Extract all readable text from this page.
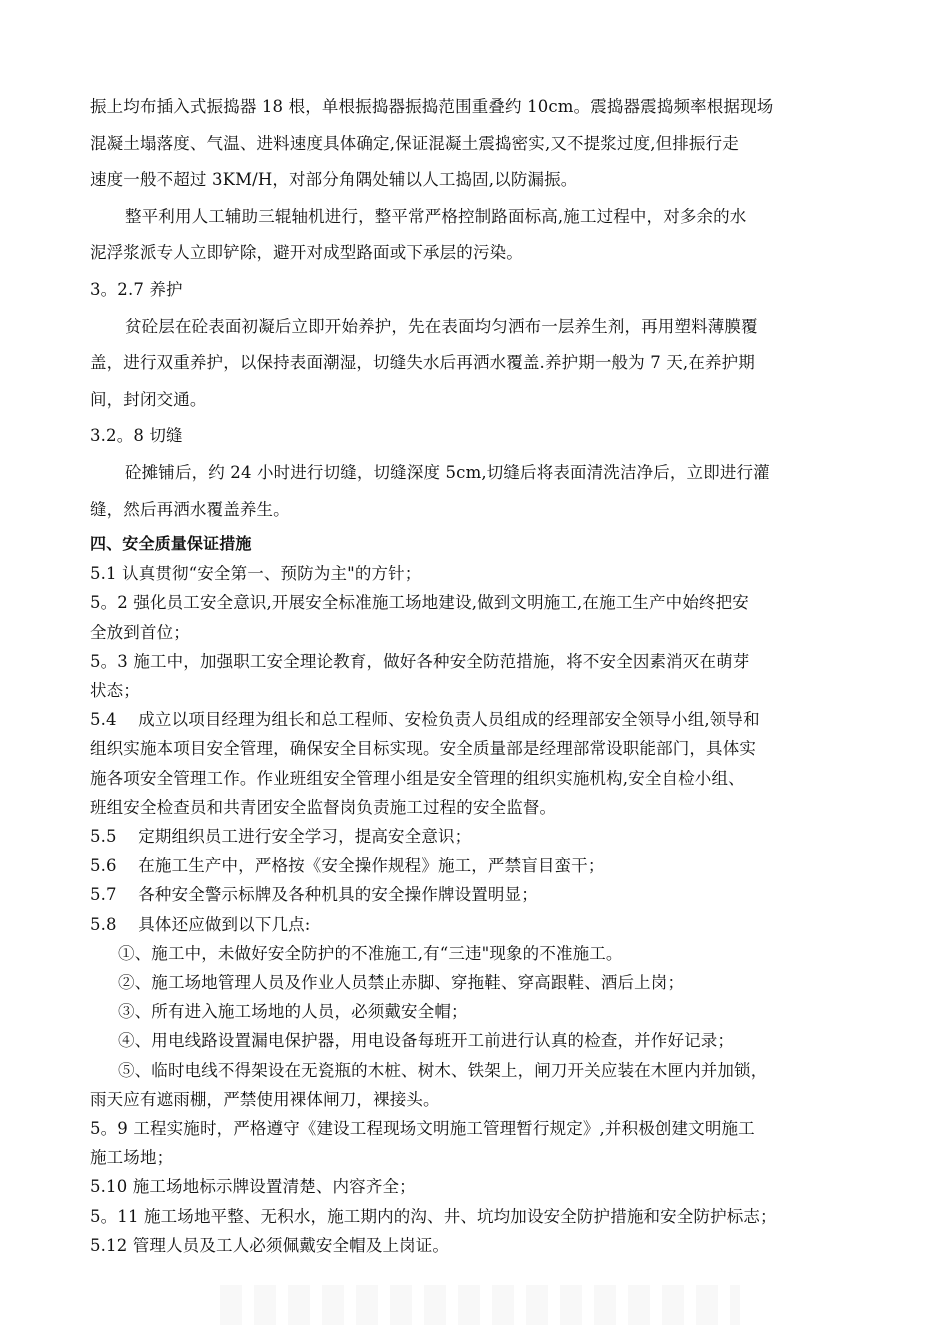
振上均布插入式振捣器 18 根，单根振捣器振捣范围重叠约 10cm。震捣器震捣频率根据现场
混凝土塌落度、气温、进料速度具体确定,保证混凝土震捣密实,又不提浆过度,但排振行走
速度一般不超过 3KM/H，对部分角隅处辅以人工捣固,以防漏振。

整平利用人工辅助三辊轴机进行，整平常严格控制路面标高,施工过程中，对多余的水
泥浮浆派专人立即铲除，避开对成型路面或下承层的污染。

3。2.7 养护

贫砼层在砼表面初凝后立即开始养护，先在表面均匀洒布一层养生剂，再用塑料薄膜覆
盖，进行双重养护，以保持表面潮湿，切缝失水后再洒水覆盖.养护期一般为 7 天,在养护期
间，封闭交通。

3.2。8 切缝

砼摊铺后，约 24 小时进行切缝，切缝深度 5cm,切缝后将表面清洗洁净后，立即进行灌
缝，然后再洒水覆盖养生。

四、安全质量保证措施

5.1 认真贯彻“安全第一、预防为主"的方针；

5。2 强化员工安全意识,开展安全标准施工场地建设,做到文明施工,在施工生产中始终把安
全放到首位；

5。3 施工中，加强职工安全理论教育，做好各种安全防范措施，将不安全因素消灭在萌芽
状态；

5.4    成立以项目经理为组长和总工程师、安检负责人员组成的经理部安全领导小组,领导和
组织实施本项目安全管理，确保安全目标实现。安全质量部是经理部常设职能部门，具体实
施各项安全管理工作。作业班组安全管理小组是安全管理的组织实施机构,安全自检小组、
班组安全检查员和共青团安全监督岗负责施工过程的安全监督。

5.5    定期组织员工进行安全学习，提高安全意识；

5.6    在施工生产中，严格按《安全操作规程》施工，严禁盲目蛮干；

5.7    各种安全警示标牌及各种机具的安全操作牌设置明显；

5.8    具体还应做到以下几点:

①、施工中，未做好安全防护的不准施工,有“三违"现象的不准施工。

②、施工场地管理人员及作业人员禁止赤脚、穿拖鞋、穿高跟鞋、酒后上岗；

③、所有进入施工场地的人员，必须戴安全帽；

④、用电线路设置漏电保护器，用电设备每班开工前进行认真的检查，并作好记录；

⑤、临时电线不得架设在无瓷瓶的木桩、树木、铁架上，闸刀开关应装在木匣内并加锁，
雨天应有遮雨棚，严禁使用裸体闸刀，裸接头。

5。9 工程实施时，严格遵守《建设工程现场文明施工管理暂行规定》,并积极创建文明施工
施工场地；

5.10 施工场地标示牌设置清楚、内容齐全；

5。11 施工场地平整、无积水，施工期内的沟、井、坑均加设安全防护措施和安全防护标志；

5.12 管理人员及工人必须佩戴安全帽及上岗证。
